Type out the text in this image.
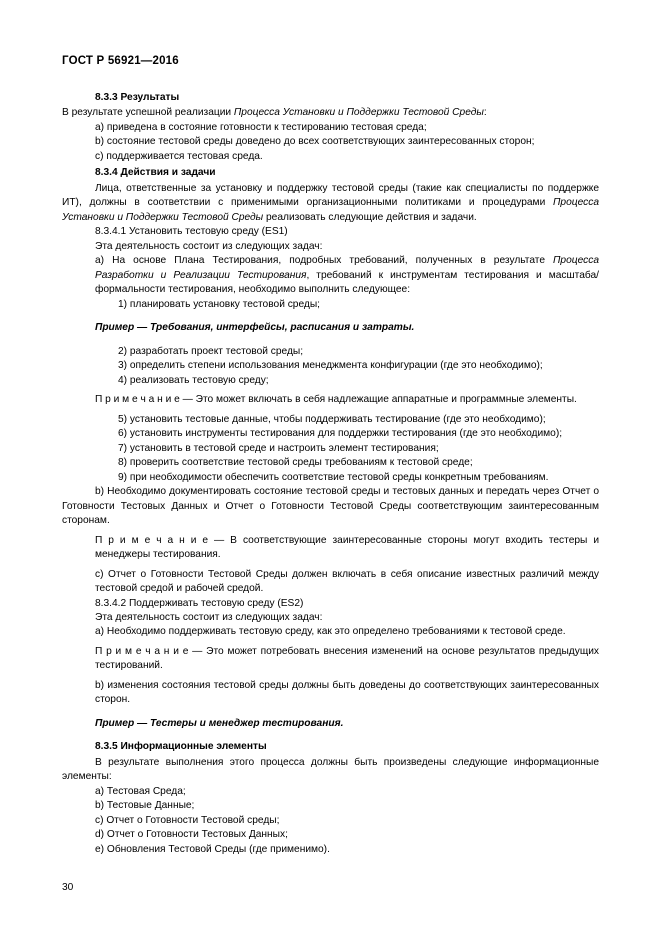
ГОСТ Р 56921—2016
8.3.3 Результаты

В результате успешной реализации Процесса Установки и Поддержки Тестовой Среды:

a) приведена в состояние готовности к тестированию тестовая среда;

b) состояние тестовой среды доведено до всех соответствующих заинтересованных сторон;

c) поддерживается тестовая среда.

8.3.4 Действия и задачи

Лица, ответственные за установку и поддержку тестовой среды (такие как специалисты по поддержке ИТ), должны в соответствии с применимыми организационными политиками и процедурами Процесса Установки и Поддержки Тестовой Среды реализовать следующие действия и задачи.

8.3.4.1 Установить тестовую среду (ES1)

Эта деятельность состоит из следующих задач:

a) На основе Плана Тестирования, подробных требований, полученных в результате Процесса Разработки и Реализации Тестирования, требований к инструментам тестирования и масштаба/формальности тестирования, необходимо выполнить следующее:

1) планировать установку тестовой среды;

Пример — Требования, интерфейсы, расписания и затраты.

2) разработать проект тестовой среды;

3) определить степени использования менеджмента конфигурации (где это необходимо);

4) реализовать тестовую среду;

П р и м е ч а н и е — Это может включать в себя надлежащие аппаратные и программные элементы.

5) установить тестовые данные, чтобы поддерживать тестирование (где это необходимо);

6) установить инструменты тестирования для поддержки тестирования (где это необходимо);

7) установить в тестовой среде и настроить элемент тестирования;

8) проверить соответствие тестовой среды требованиям к тестовой среде;

9) при необходимости обеспечить соответствие тестовой среды конкретным требованиям.

b) Необходимо документировать состояние тестовой среды и тестовых данных и передать через Отчет о Готовности Тестовых Данных и Отчет о Готовности Тестовой Среды соответствующим заинтересованным сторонам.

П р и м е ч а н и е — В соответствующие заинтересованные стороны могут входить тестеры и менеджеры тестирования.

c) Отчет о Готовности Тестовой Среды должен включать в себя описание известных различий между тестовой средой и рабочей средой.

8.3.4.2 Поддерживать тестовую среду (ES2)

Эта деятельность состоит из следующих задач:

a) Необходимо поддерживать тестовую среду, как это определено требованиями к тестовой среде.

П р и м е ч а н и е — Это может потребовать внесения изменений на основе результатов предыдущих тестирований.

b) изменения состояния тестовой среды должны быть доведены до соответствующих заинтересованных сторон.

Пример — Тестеры и менеджер тестирования.

8.3.5 Информационные элементы

В результате выполнения этого процесса должны быть произведены следующие информационные элементы:

a) Тестовая Среда;

b) Тестовые Данные;

c) Отчет о Готовности Тестовой среды;

d) Отчет о Готовности Тестовых Данных;

e) Обновления Тестовой Среды (где применимо).

30
